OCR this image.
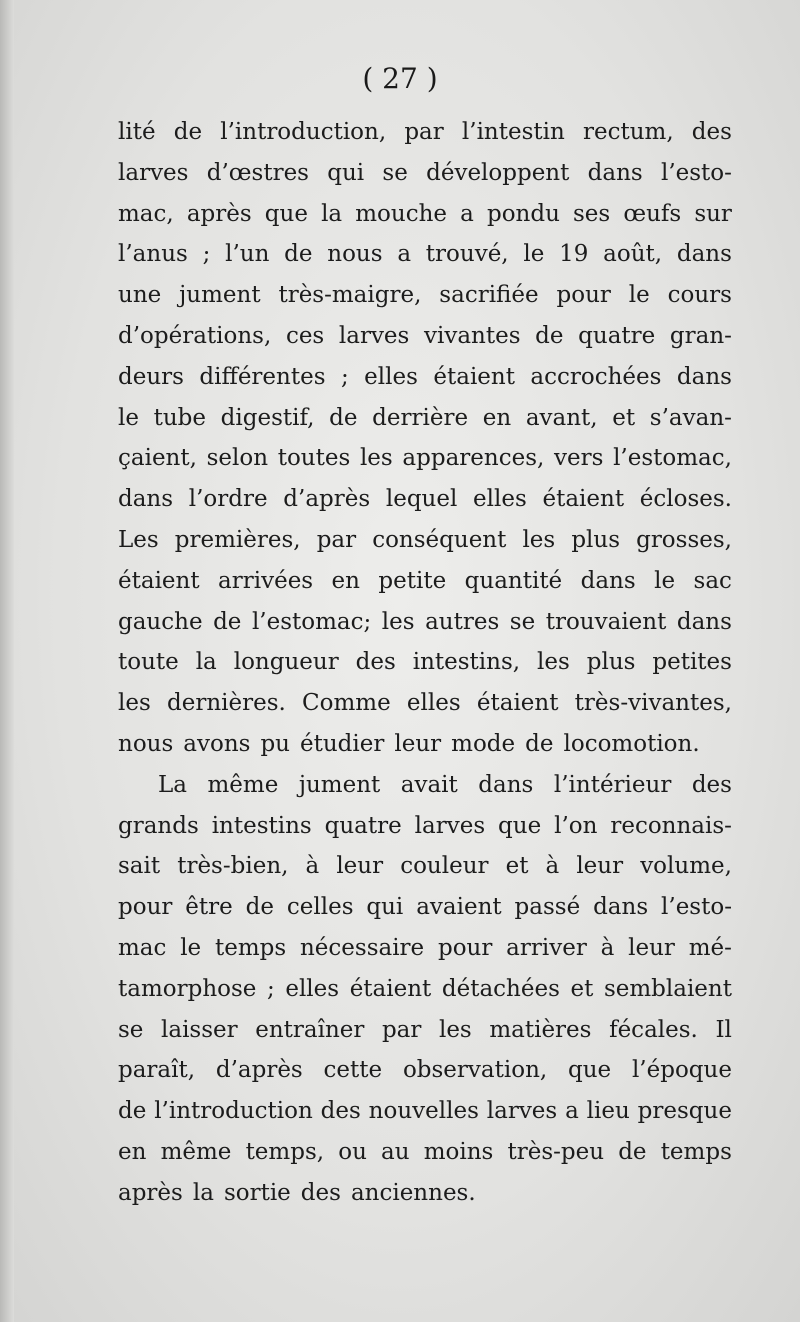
( 27 )
lité de l’introduction, par l’intestin rectum, des
larves d’œstres qui se développent dans l’esto-
mac, après que la mouche a pondu ses œufs sur
l’anus ; l’un de nous a trouvé, le 19 août, dans
une jument très-maigre, sacrifiée pour le cours
d’opérations, ces larves vivantes de quatre gran-
deurs différentes ; elles étaient accrochées dans
le tube digestif, de derrière en avant, et s’avan-
çaient, selon toutes les apparences, vers l’estomac,
dans l’ordre d’après lequel elles étaient écloses.
Les premières, par conséquent les plus grosses,
étaient arrivées en petite quantité dans le sac
gauche de l’estomac; les autres se trouvaient dans
toute la longueur des intestins, les plus petites
les dernières. Comme elles étaient très-vivantes,
nous avons pu étudier leur mode de locomotion.
La même jument avait dans l’intérieur des
grands intestins quatre larves que l’on reconnais-
sait très-bien, à leur couleur et à leur volume,
pour être de celles qui avaient passé dans l’esto-
mac le temps nécessaire pour arriver à leur mé-
tamorphose ; elles étaient détachées et semblaient
se laisser entraîner par les matières fécales. Il
paraît, d’après cette observation, que l’époque
de l’introduction des nouvelles larves a lieu presque
en même temps, ou au moins très-peu de temps
après la sortie des anciennes.
